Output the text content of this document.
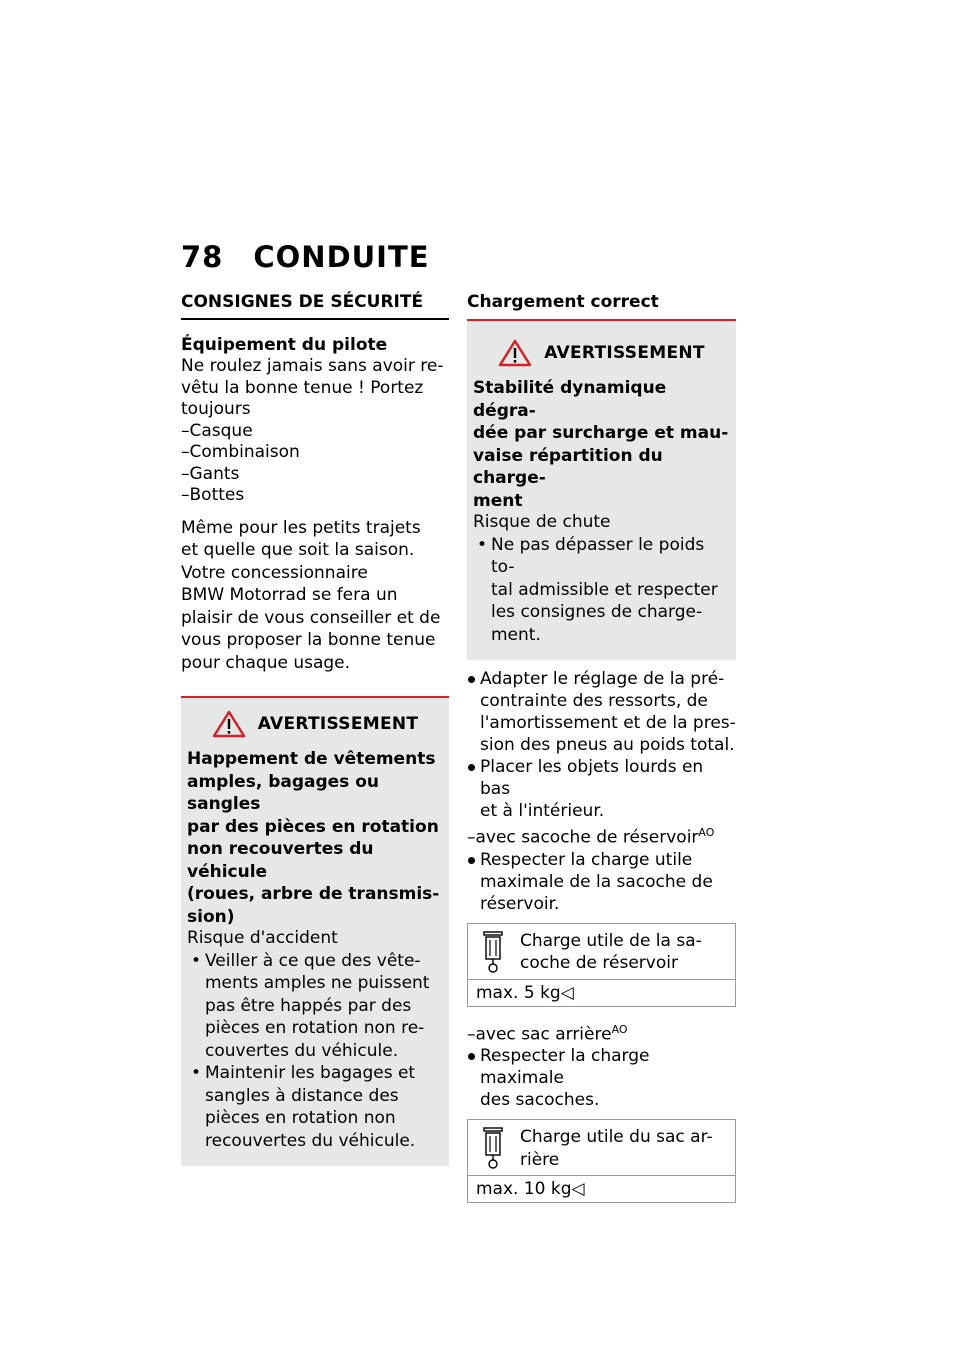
78 CONDUITE
CONSIGNES DE SÉCURITÉ
Équipement du pilote
Ne roulez jamais sans avoir re-
vêtu la bonne tenue ! Portez
toujours
– Casque
– Combinaison
– Gants
– Bottes
Même pour les petits trajets
et quelle que soit la saison.
Votre concessionnaire
BMW Motorrad se fera un
plaisir de vous conseiller et de
vous proposer la bonne tenue
pour chaque usage.
AVERTISSEMENT
Happement de vêtements
amples, bagages ou sangles
par des pièces en rotation
non recouvertes du véhicule
(roues, arbre de transmis-
sion)
Risque d'accident
• Veiller à ce que des vête-
ments amples ne puissent
pas être happés par des
pièces en rotation non re-
couvertes du véhicule.
• Maintenir les bagages et
sangles à distance des
pièces en rotation non
recouvertes du véhicule.
Chargement correct
AVERTISSEMENT
Stabilité dynamique dégra-
dée par surcharge et mau-
vaise répartition du charge-
ment
Risque de chute
• Ne pas dépasser le poids to-
tal admissible et respecter
les consignes de charge-
ment.
Adapter le réglage de la pré-
contrainte des ressorts, de
l'amortissement et de la pres-
sion des pneus au poids total.
Placer les objets lourds en bas
et à l'intérieur.
–avec sacoche de réservoir$^{AO}$
Respecter la charge utile
maximale de la sacoche de
réservoir.
Charge utile de la sa-
coche de réservoir
max. 5 kg◁
–avec sac arrière$^{AO}$
Respecter la charge maximale
des sacoches.
Charge utile du sac ar-
rière
max. 10 kg◁
